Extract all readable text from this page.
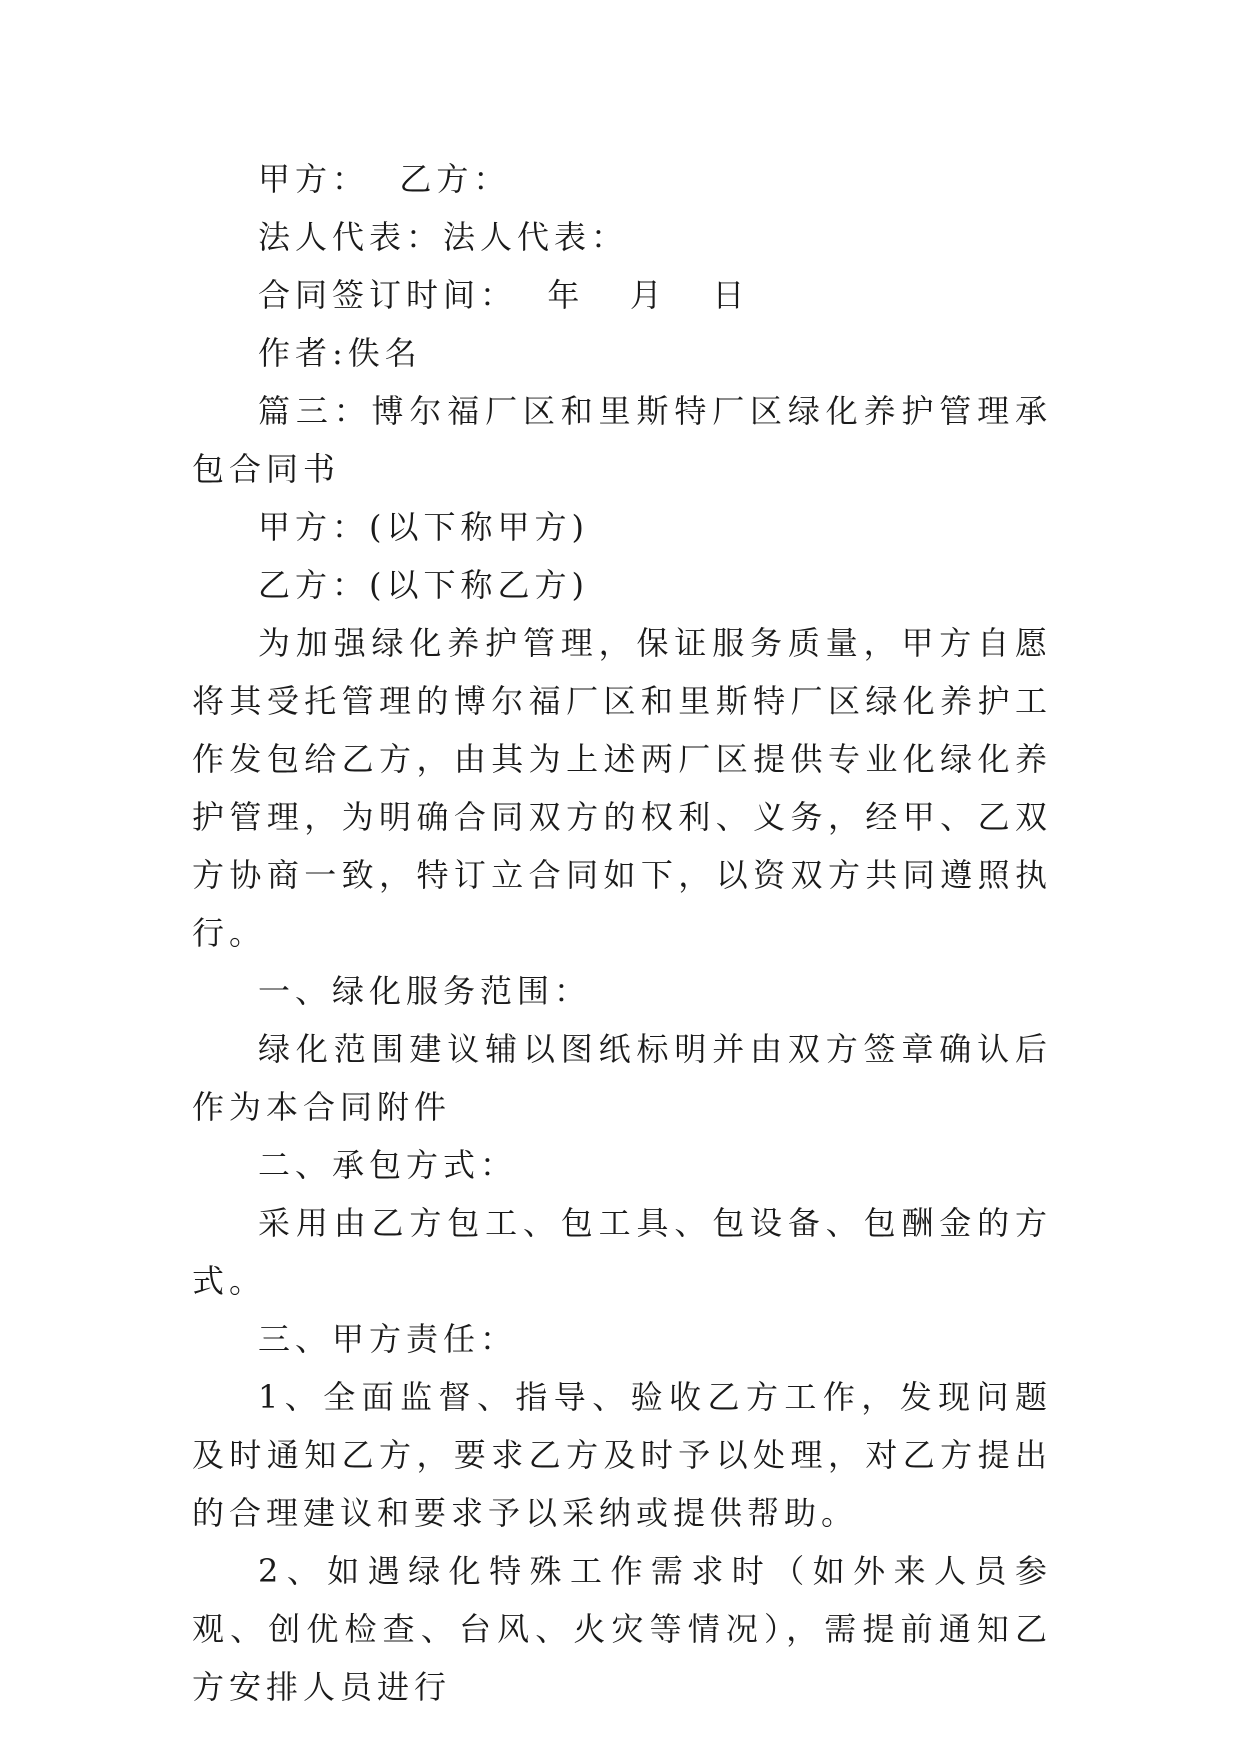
甲方：  乙方：

法人代表：法人代表：

合同签订时间：  年   月   日

作者:佚名

篇三：博尔福厂区和里斯特厂区绿化养护管理承包合同书

甲方：(以下称甲方)

乙方：(以下称乙方)

为加强绿化养护管理，保证服务质量，甲方自愿将其受托管理的博尔福厂区和里斯特厂区绿化养护工作发包给乙方，由其为上述两厂区提供专业化绿化养护管理，为明确合同双方的权利、义务，经甲、乙双方协商一致，特订立合同如下，以资双方共同遵照执行。

一、绿化服务范围：

绿化范围建议辅以图纸标明并由双方签章确认后作为本合同附件

二、承包方式：

采用由乙方包工、包工具、包设备、包酬金的方式。

三、甲方责任：

1、全面监督、指导、验收乙方工作，发现问题及时通知乙方，要求乙方及时予以处理，对乙方提出的合理建议和要求予以采纳或提供帮助。

2、如遇绿化特殊工作需求时（如外来人员参观、创优检查、台风、火灾等情况），需提前通知乙方安排人员进行
